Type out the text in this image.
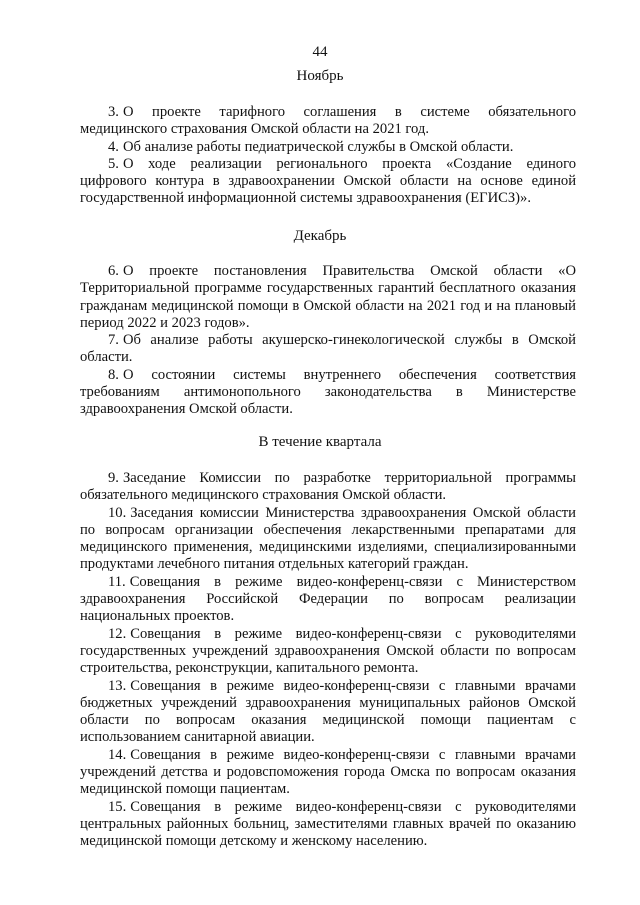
44
Ноябрь

3. О проекте тарифного соглашения в системе обязательного медицинского страхования Омской области на 2021 год.

4. Об анализе работы педиатрической службы в Омской области.

5. О ходе реализации регионального проекта «Создание единого цифрового контура в здравоохранении Омской области на основе единой государственной информационной системы здравоохранения (ЕГИСЗ)».

Декабрь

6. О проекте постановления Правительства Омской области «О Территориальной программе государственных гарантий бесплатного оказания гражданам медицинской помощи в Омской области на 2021 год и на плановый период 2022 и 2023 годов».

7. Об анализе работы акушерско-гинекологической службы в Омской области.

8. О состоянии системы внутреннего обеспечения соответствия требованиям антимонопольного законодательства в Министерстве здравоохранения Омской области.

В течение квартала

9. Заседание Комиссии по разработке территориальной программы обязательного медицинского страхования Омской области.

10. Заседания комиссии Министерства здравоохранения Омской области по вопросам организации обеспечения лекарственными препаратами для медицинского применения, медицинскими изделиями, специализированными продуктами лечебного питания отдельных категорий граждан.

11. Совещания в режиме видео-конференц-связи с Министерством здравоохранения Российской Федерации по вопросам реализации национальных проектов.

12. Совещания в режиме видео-конференц-связи с руководителями государственных учреждений здравоохранения Омской области по вопросам строительства, реконструкции, капитального ремонта.

13. Совещания в режиме видео-конференц-связи с главными врачами бюджетных учреждений здравоохранения муниципальных районов Омской области по вопросам оказания медицинской помощи пациентам с использованием санитарной авиации.

14. Совещания в режиме видео-конференц-связи с главными врачами учреждений детства и родовспоможения города Омска по вопросам оказания медицинской помощи пациентам.

15. Совещания в режиме видео-конференц-связи с руководителями центральных районных больниц, заместителями главных врачей по оказанию медицинской помощи детскому и женскому населению.
